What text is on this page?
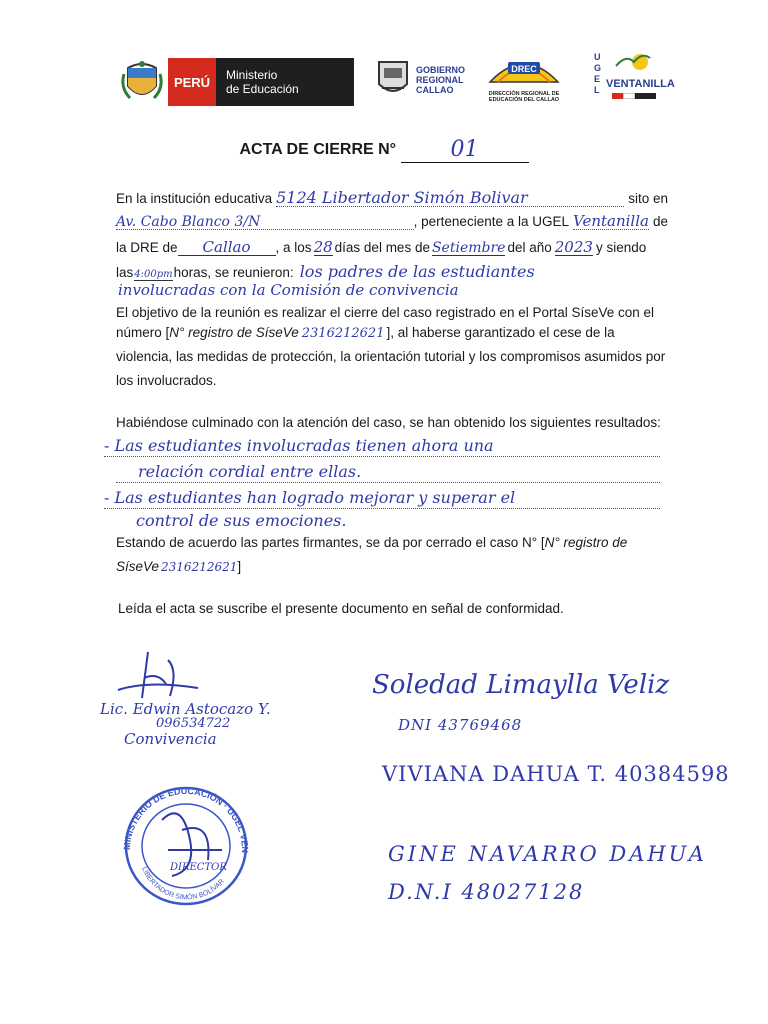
PERÚ	Ministerio
de Educación
GOBIERNO
REGIONAL
CALLAO
DREC
DIRECCIÓN REGIONAL DE
EDUCACIÓN DEL CALLAO
UGEL VENTANILLA
ACTA DE CIERRE N° 01
En la institución educativa 5124 Libertador Simón Bolivar	sito en
Av. Cabo Blanco 3/N	, perteneciente a la UGEL Ventanilla de
la DRE de	Callao	, a los 28 días del mes de Setiembre del año 2023 y siendo
las 4:00pm horas, se reunieron: los padres de las estudiantes
involucradas con la Comisión de convivencia
El objetivo de la reunión es realizar el cierre del caso registrado en el Portal SíseVe con el
número [ N° registro de SíseVe 2316212621 ], al haberse garantizado el cese de la
violencia, las medidas de protección, la orientación tutorial y los compromisos asumidos por
los involucrados.
Habiéndose culminado con la atención del caso, se han obtenido los siguientes resultados:
- Las estudiantes involucradas tienen ahora una
relación cordial entre ellas.
- Las estudiantes han logrado mejorar y superar el
control de sus emociones.
Estando de acuerdo las partes firmantes, se da por cerrado el caso N° [N° registro de
SíseVe 2316212621 ]
Leída el acta se suscribe el presente documento en señal de conformidad.
Lic. Edwin Astocazo Y.
096534722
Convivencia
Soledad Limaylla Veliz
DNI 43769468
VIVIANA DAHUA T. 40384598
GINE NAVARRO DAHUA
D.N.I 48027128
MINISTERIO DE EDUCACIÓN · UGEL VEN
LIBERTADOR SIMÓN BOLÍVAR
DIRECTOR
